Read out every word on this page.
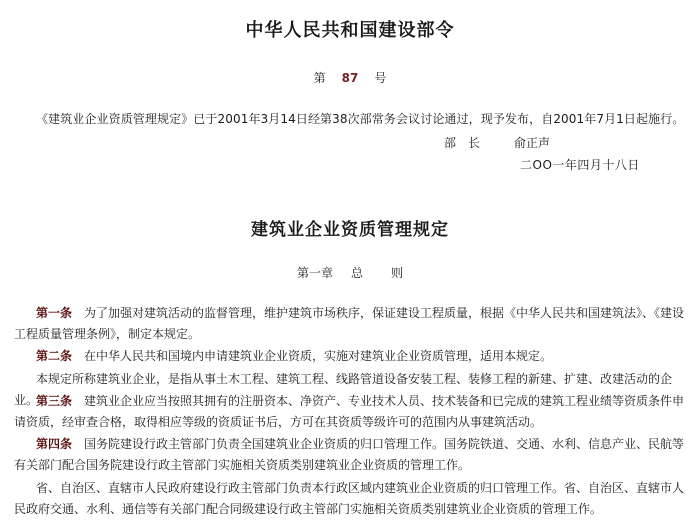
中华人民共和国建设部令
第 87 号
《建筑业企业资质管理规定》已于2001年3月14日经第38次部常务会议讨论通过，现予发布，自2001年7月1日起施行。
部长 俞正声
二OO一年四月十八日
建筑业企业资质管理规定
第一章 总 则
第一条 为了加强对建筑活动的监督管理，维护建筑市场秩序，保证建设工程质量，根据《中华人民共和国建筑法》、《建设工程质量管理条例》，制定本规定。
第二条 在中华人民共和国境内申请建筑业企业资质，实施对建筑业企业资质管理，适用本规定。
本规定所称建筑业企业，是指从事土木工程、建筑工程、线路管道设备安装工程、装修工程的新建、扩建、改建活动的企业。
第三条 建筑业企业应当按照其拥有的注册资本、净资产、专业技术人员、技术装备和已完成的建筑工程业绩等资质条件申请资质，经审查合格，取得相应等级的资质证书后，方可在其资质等级许可的范围内从事建筑活动。
第四条 国务院建设行政主管部门负责全国建筑业企业资质的归口管理工作。国务院铁道、交通、水利、信息产业、民航等有关部门配合国务院建设行政主管部门实施相关资质类别建筑业企业资质的管理工作。
省、自治区、直辖市人民政府建设行政主管部门负责本行政区域内建筑业企业资质的归口管理工作。省、自治区、直辖市人民政府交通、水利、通信等有关部门配合同级建设行政主管部门实施相关资质类别建筑业企业资质的管理工作。
